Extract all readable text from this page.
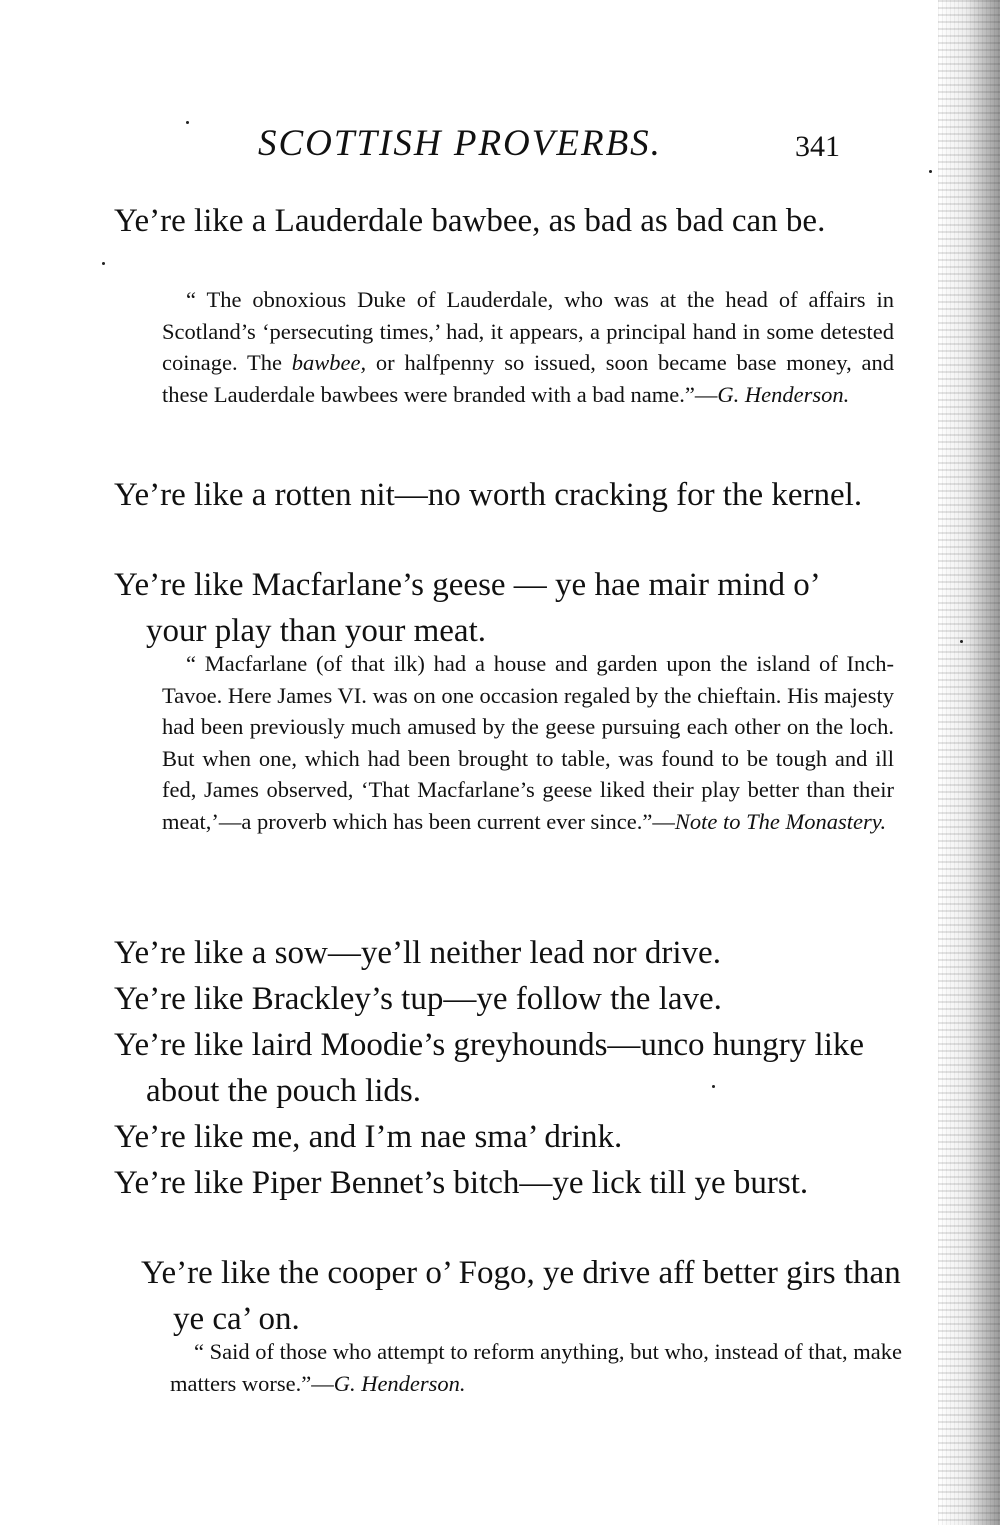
SCOTTISH PROVERBS.	341
Ye’re like a Lauderdale bawbee, as bad as bad can be.
“ The obnoxious Duke of Lauderdale, who was at the head of affairs in Scotland’s ‘persecuting times,’ had, it appears, a principal hand in some detested coinage. The bawbee, or halfpenny so issued, soon became base money, and these Lauderdale bawbees were branded with a bad name.”—G. Henderson.
Ye’re like a rotten nit—no worth cracking for the kernel.
Ye’re like Macfarlane’s geese — ye hae mair mind o’ your play than your meat.
“ Macfarlane (of that ilk) had a house and garden upon the island of Inch-Tavoe. Here James VI. was on one occasion regaled by the chieftain. His majesty had been previously much amused by the geese pursuing each other on the loch. But when one, which had been brought to table, was found to be tough and ill fed, James observed, ‘That Macfarlane’s geese liked their play better than their meat,’—a proverb which has been current ever since.”—Note to The Monastery.
Ye’re like a sow—ye’ll neither lead nor drive.
Ye’re like Brackley’s tup—ye follow the lave.
Ye’re like laird Moodie’s greyhounds—unco hungry like about the pouch lids.
Ye’re like me, and I’m nae sma’ drink.
Ye’re like Piper Bennet’s bitch—ye lick till ye burst.
Ye’re like the cooper o’ Fogo, ye drive aff better girs than ye ca’ on.
“ Said of those who attempt to reform anything, but who, instead of that, make matters worse.”—G. Henderson.
